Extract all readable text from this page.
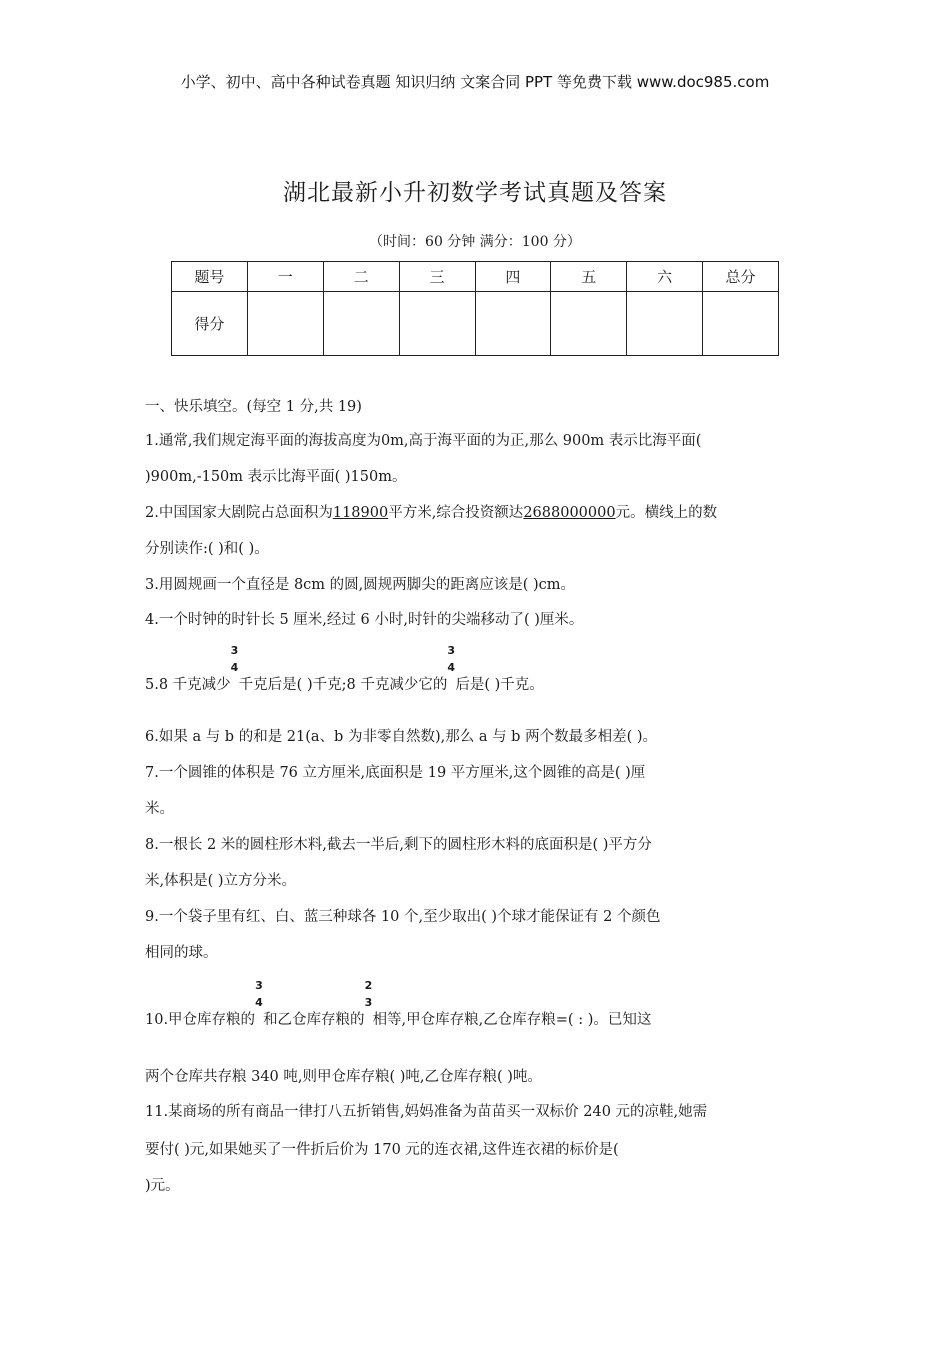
小学、初中、高中各种试卷真题 知识归纳 文案合同 PPT 等免费下载 www.doc985.com
湖北最新小升初数学考试真题及答案
（时间：60 分钟 满分：100 分）
题号	一	二	三	四	五	六	总分
得分							
一、快乐填空。(每空 1 分,共 19)
1.通常,我们规定海平面的海拔高度为0m,高于海平面的为正,那么 900m 表示比海平面(
)900m,-150m 表示比海平面( )150m。
2.中国国家大剧院占总面积为118900平方米,综合投资额达2688000000元。横线上的数
分别读作:( )和( )。
3.用圆规画一个直径是 8cm 的圆,圆规两脚尖的距离应该是( )cm。
4.一个时钟的时针长 5 厘米,经过 6 小时,时针的尖端移动了( )厘米。
5.8 千克减少
3
4
千克后是( )千克;8 千克减少它的
3
4
后是( )千克。
6.如果 a 与 b 的和是 21(a、b 为非零自然数),那么 a 与 b 两个数最多相差( )。
7.一个圆锥的体积是 76 立方厘米,底面积是 19 平方厘米,这个圆锥的高是( )厘
米。
8.一根长 2 米的圆柱形木料,截去一半后,剩下的圆柱形木料的底面积是( )平方分
米,体积是( )立方分米。
9.一个袋子里有红、白、蓝三种球各 10 个,至少取出( )个球才能保证有 2 个颜色
相同的球。
10.甲仓库存粮的
3
4
和乙仓库存粮的
2
3
相等,甲仓库存粮,乙仓库存粮=( : )。已知这
两个仓库共存粮 340 吨,则甲仓库存粮( )吨,乙仓库存粮( )吨。
11.某商场的所有商品一律打八五折销售,妈妈准备为苗苗买一双标价 240 元的凉鞋,她需
要付( )元,如果她买了一件折后价为 170 元的连衣裙,这件连衣裙的标价是(
)元。
